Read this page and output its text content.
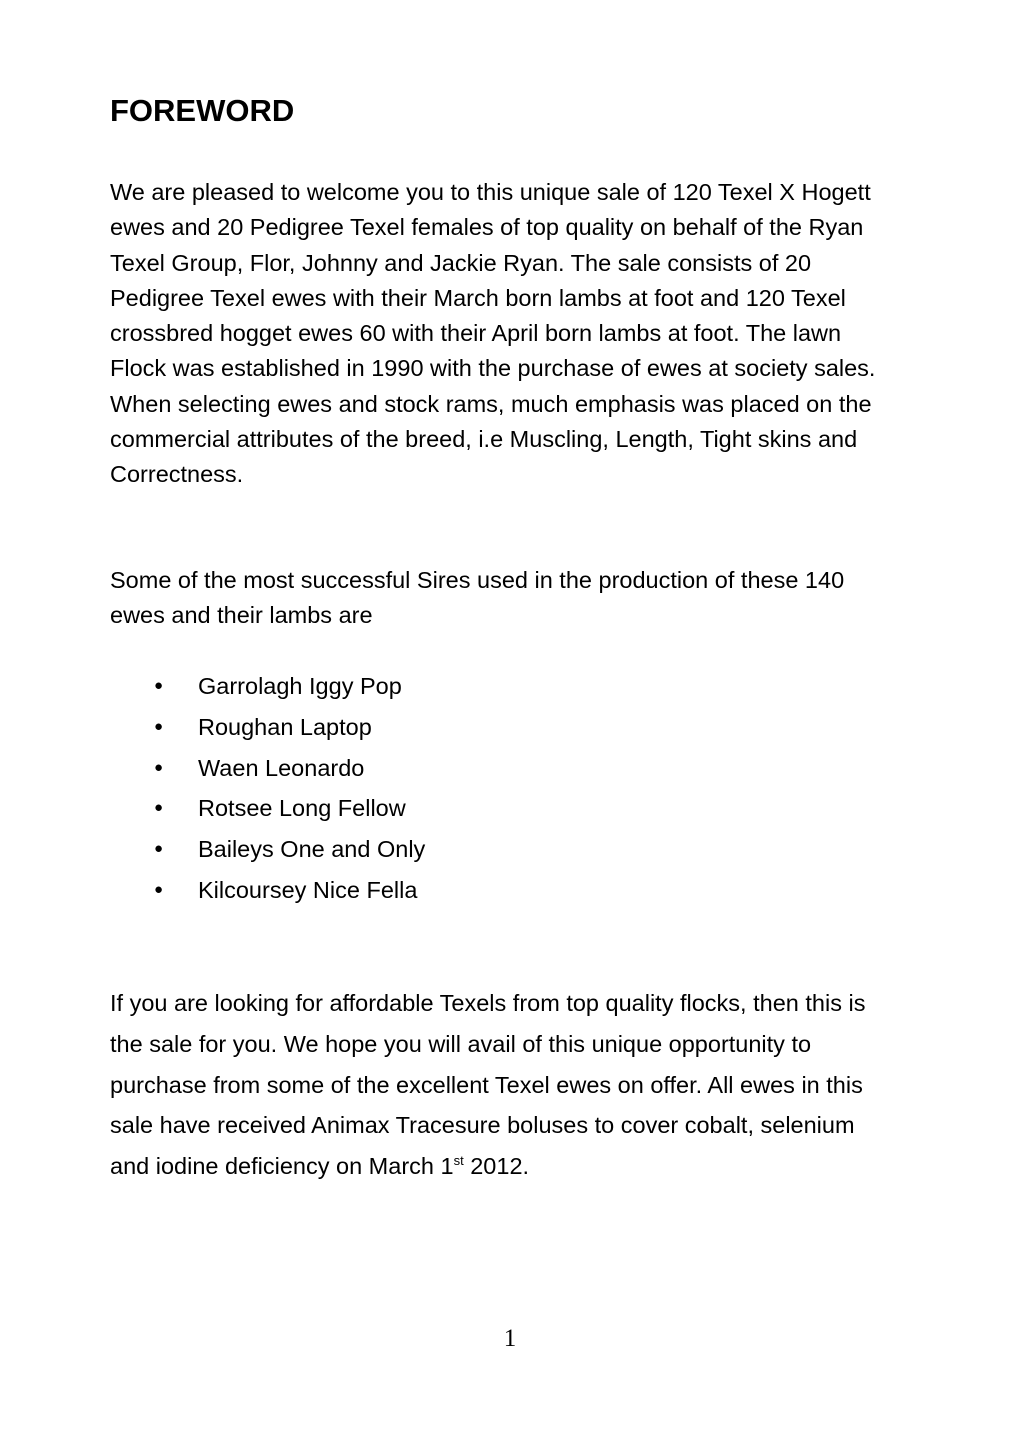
FOREWORD

We are pleased to welcome you to this unique sale of 120 Texel X Hogett ewes and 20 Pedigree Texel females of top quality on behalf of the Ryan Texel Group, Flor, Johnny and Jackie Ryan. The sale consists of 20 Pedigree Texel ewes with their March born lambs at foot and 120 Texel crossbred hogget ewes 60 with their April born lambs at foot. The lawn Flock was established in 1990 with the purchase of ewes at society sales. When selecting ewes and stock rams, much emphasis was placed on the commercial attributes of the breed, i.e Muscling, Length, Tight skins and Correctness.

Some of the most successful Sires used in the production of these 140 ewes and their lambs are

● Garrolagh Iggy Pop
● Roughan Laptop
● Waen Leonardo
● Rotsee Long Fellow
● Baileys One and Only
● Kilcoursey Nice Fella

If you are looking for affordable Texels from top quality flocks, then this is the sale for you. We hope you will avail of this unique opportunity to purchase from some of the excellent Texel ewes on offer. All ewes in this sale have received Animax Tracesure boluses to cover cobalt, selenium and iodine deficiency on March 1st 2012.

1
